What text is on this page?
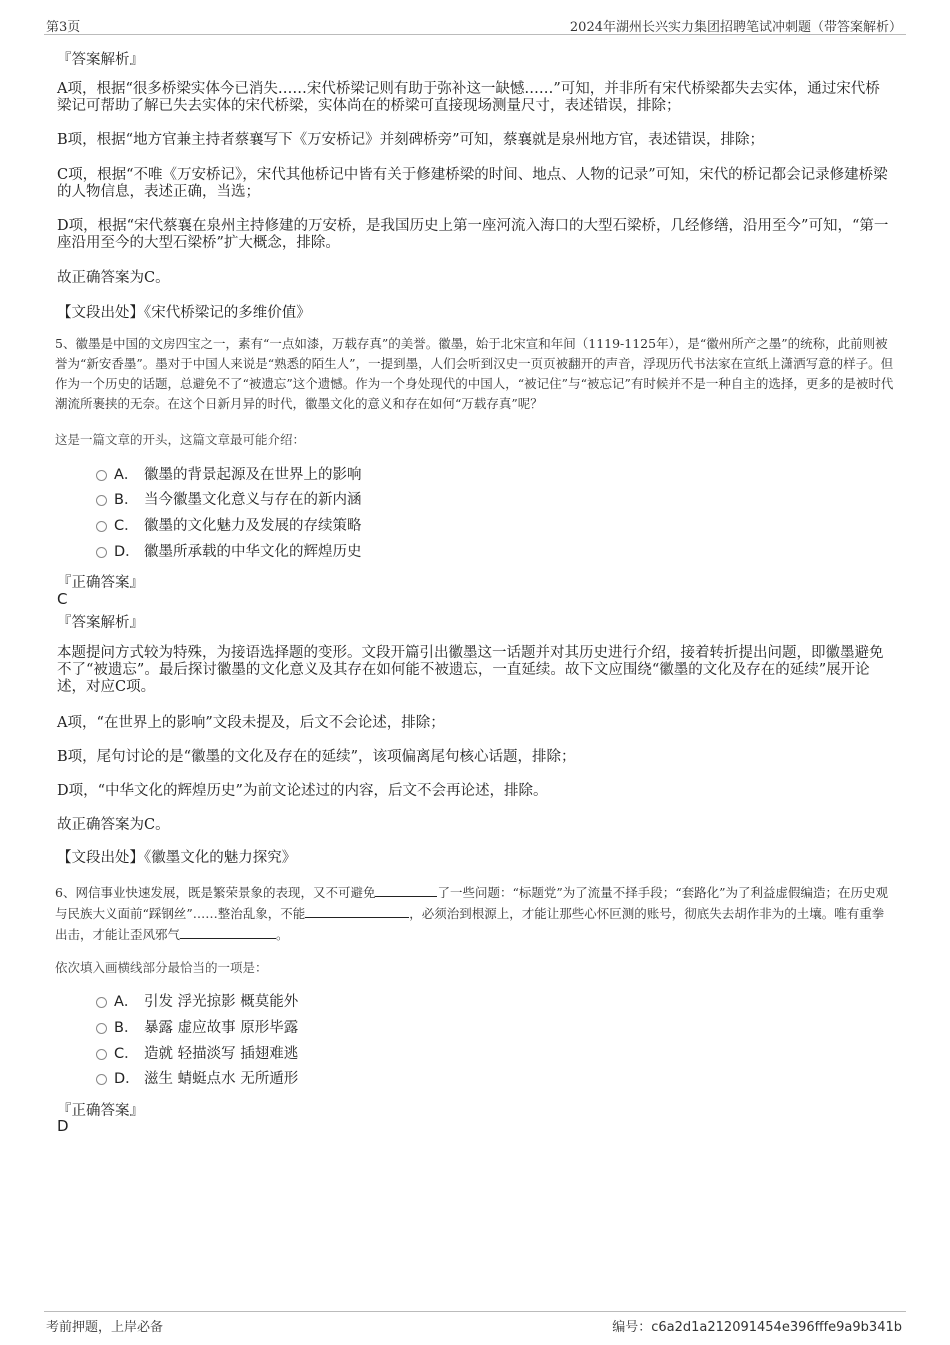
第3页	2024年湖州长兴实力集团招聘笔试冲刺题（带答案解析）

『答案解析』

A项，根据“很多桥梁实体今已消失……宋代桥梁记则有助于弥补这一缺憾……”可知，并非所有宋代桥梁都失去实体，通过宋代桥梁记可帮助了解已失去实体的宋代桥梁，实体尚在的桥梁可直接现场测量尺寸，表述错误，排除；

B项，根据“地方官兼主持者蔡襄写下《万安桥记》并刻碑桥旁”可知，蔡襄就是泉州地方官，表述错误，排除；

C项，根据“不唯《万安桥记》，宋代其他桥记中皆有关于修建桥梁的时间、地点、人物的记录”可知，宋代的桥记都会记录修建桥梁的人物信息，表述正确，当选；

D项，根据“宋代蔡襄在泉州主持修建的万安桥，是我国历史上第一座河流入海口的大型石梁桥，几经修缮，沿用至今”可知，“第一座沿用至今的大型石梁桥”扩大概念，排除。

故正确答案为C。

【文段出处】《宋代桥梁记的多维价值》

5、徽墨是中国的文房四宝之一，素有“一点如漆，万载存真”的美誉。徽墨，始于北宋宣和年间（1119-1125年），是“徽州所产之墨”的统称，此前则被誉为“新安香墨”。墨对于中国人来说是“熟悉的陌生人”，一提到墨，人们会听到汉史一页页被翻开的声音，浮现历代书法家在宣纸上潇洒写意的样子。但作为一个历史的话题，总避免不了“被遗忘”这个遗憾。作为一个身处现代的中国人，“被记住”与“被忘记”有时候并不是一种自主的选择，更多的是被时代潮流所裹挟的无奈。在这个日新月异的时代，徽墨文化的意义和存在如何“万载存真”呢？

这是一篇文章的开头，这篇文章最可能介绍：

A． 徽墨的背景起源及在世界上的影响
B． 当今徽墨文化意义与存在的新内涵
C． 徽墨的文化魅力及发展的存续策略
D． 徽墨所承载的中华文化的辉煌历史

『正确答案』

C

『答案解析』

本题提问方式较为特殊，为接语选择题的变形。文段开篇引出徽墨这一话题并对其历史进行介绍，接着转折提出问题，即徽墨避免不了“被遗忘”。最后探讨徽墨的文化意义及其存在如何能不被遗忘，一直延续。故下文应围绕“徽墨的文化及存在的延续”展开论述，对应C项。

A项，“在世界上的影响”文段未提及，后文不会论述，排除；

B项，尾句讨论的是“徽墨的文化及存在的延续”，该项偏离尾句核心话题，排除；

D项，“中华文化的辉煌历史”为前文论述过的内容，后文不会再论述，排除。

故正确答案为C。

【文段出处】《徽墨文化的魅力探究》

6、网信事业快速发展，既是繁荣景象的表现，又不可避免	了一些问题：“标题党”为了流量不择手段；“套路化”为了利益虚假编造；在历史观与民族大义面前“踩钢丝”……整治乱象，不能	，必须治到根源上，才能让那些心怀叵测的账号，彻底失去胡作非为的土壤。唯有重拳出击，才能让歪风邪气	。

依次填入画横线部分最恰当的一项是：

A． 引发 浮光掠影 概莫能外
B． 暴露 虚应故事 原形毕露
C． 造就 轻描淡写 插翅难逃
D． 滋生 蜻蜓点水 无所遁形

『正确答案』

D

考前押题，上岸必备	编号：c6a2d1a212091454e396fffe9a9b341b
